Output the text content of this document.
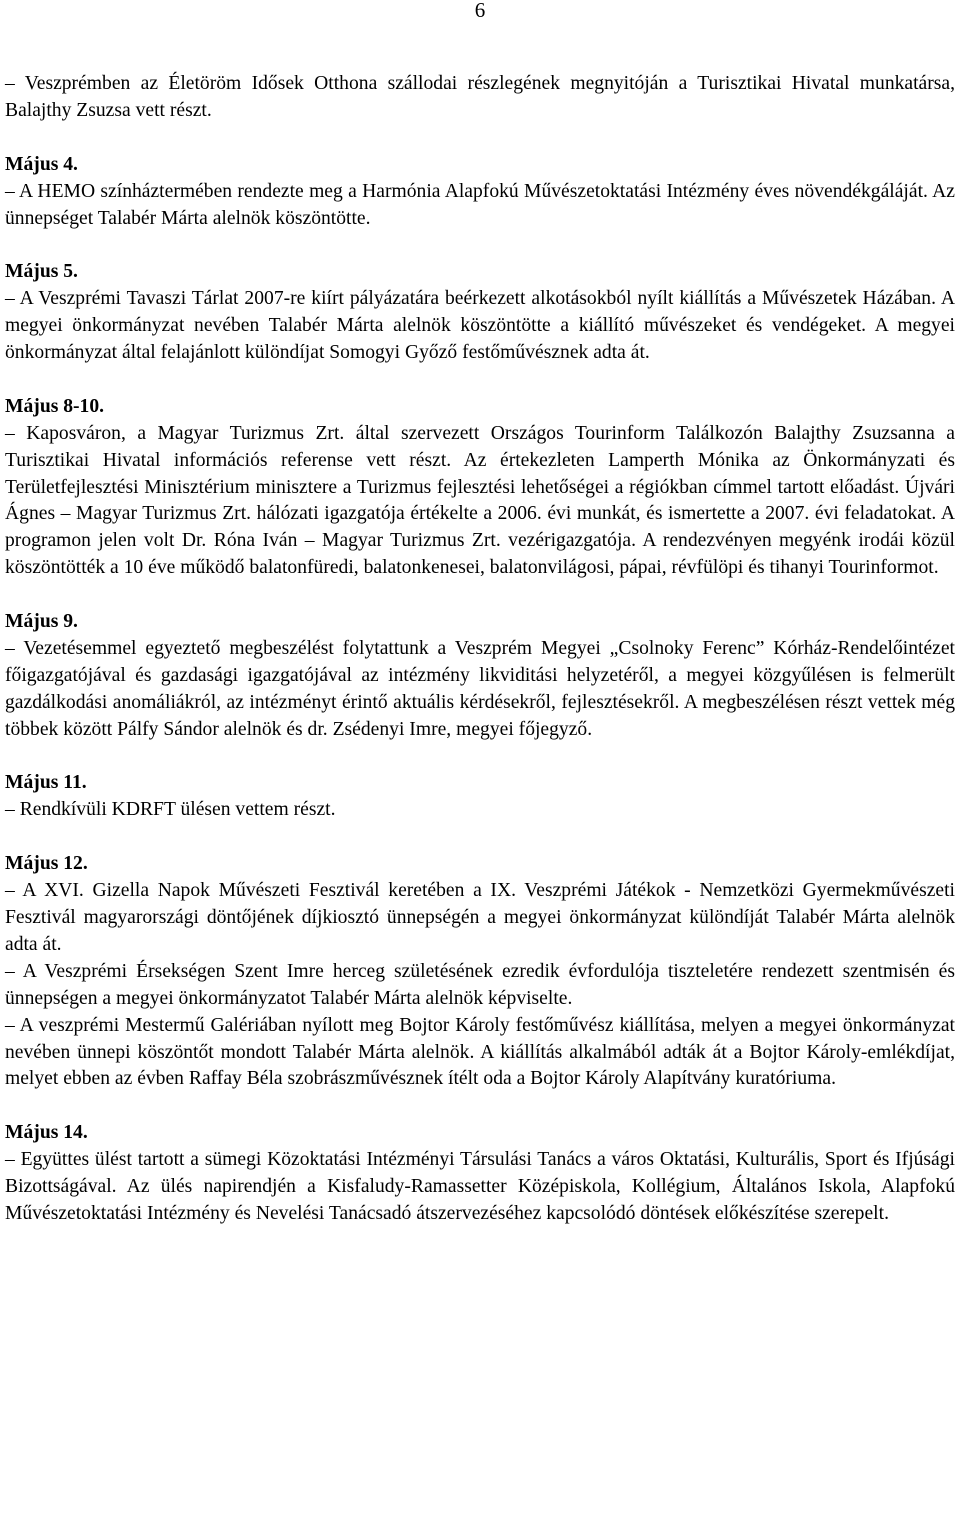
6

– Veszprémben az Életöröm Idősek Otthona szállodai részlegének megnyitóján a Turisztikai Hivatal munkatársa, Balajthy Zsuzsa vett részt.

Május 4.

– A HEMO színháztermében rendezte meg a Harmónia Alapfokú Művészetoktatási Intézmény éves növendékgáláját. Az ünnepséget Talabér Márta alelnök köszöntötte.

Május 5.

– A Veszprémi Tavaszi Tárlat 2007-re kiírt pályázatára beérkezett alkotásokból nyílt kiállítás a Művészetek Házában. A megyei önkormányzat nevében Talabér Márta alelnök köszöntötte a kiállító művészeket és vendégeket. A megyei önkormányzat által felajánlott különdíjat Somogyi Győző festőművésznek adta át.

Május 8-10.

– Kaposváron, a Magyar Turizmus Zrt. által szervezett Országos Tourinform Találkozón Balajthy Zsuzsanna a Turisztikai Hivatal információs referense vett részt. Az értekezleten Lamperth Mónika az Önkormányzati és Területfejlesztési Minisztérium minisztere a Turizmus fejlesztési lehetőségei a régiókban címmel tartott előadást. Újvári Ágnes – Magyar Turizmus Zrt. hálózati igazgatója értékelte a 2006. évi munkát, és ismertette a 2007. évi feladatokat. A programon jelen volt Dr. Róna Iván – Magyar Turizmus Zrt. vezérigazgatója. A rendezvényen megyénk irodái közül köszöntötték a 10 éve működő balatonfüredi, balatonkenesei, balatonvilágosi, pápai, révfülöpi és tihanyi Tourinformot.

Május 9.

– Vezetésemmel egyeztető megbeszélést folytattunk a Veszprém Megyei „Csolnoky Ferenc” Kórház-Rendelőintézet főigazgatójával és gazdasági igazgatójával az intézmény likviditási helyzetéről, a megyei közgyűlésen is felmerült gazdálkodási anomáliákról, az intézményt érintő aktuális kérdésekről, fejlesztésekről. A megbeszélésen részt vettek még többek között Pálfy Sándor alelnök és dr. Zsédenyi Imre, megyei főjegyző.

Május 11.

– Rendkívüli KDRFT ülésen vettem részt.

Május 12.

– A XVI. Gizella Napok Művészeti Fesztivál keretében a IX. Veszprémi Játékok - Nemzetközi Gyermekművészeti Fesztivál magyarországi döntőjének díjkiosztó ünnepségén a megyei önkormányzat különdíját Talabér Márta alelnök adta át.

– A Veszprémi Érsekségen Szent Imre herceg születésének ezredik évfordulója tiszteletére rendezett szentmisén és ünnepségen a megyei önkormányzatot Talabér Márta alelnök képviselte.

– A veszprémi Mestermű Galériában nyílott meg Bojtor Károly festőművész kiállítása, melyen a megyei önkormányzat nevében ünnepi köszöntőt mondott Talabér Márta alelnök. A kiállítás alkalmából adták át a Bojtor Károly-emlékdíjat, melyet ebben az évben Raffay Béla szobrászművésznek ítélt oda a Bojtor Károly Alapítvány kuratóriuma.

Május 14.

– Együttes ülést tartott a sümegi Közoktatási Intézményi Társulási Tanács a város Oktatási, Kulturális, Sport és Ifjúsági Bizottságával. Az ülés napirendjén a Kisfaludy-Ramassetter Középiskola, Kollégium, Általános Iskola, Alapfokú Művészetoktatási Intézmény és Nevelési Tanácsadó átszervezéséhez kapcsolódó döntések előkészítése szerepelt.
